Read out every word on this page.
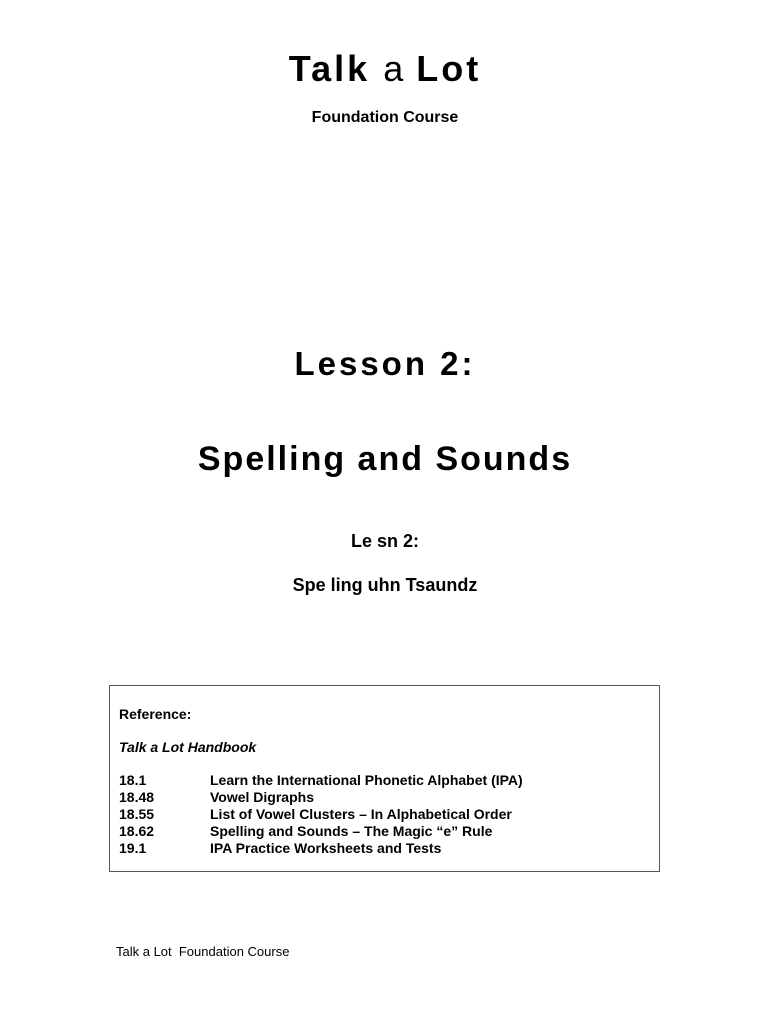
Talk a Lot
Foundation Course
Lesson 2:
Spelling and Sounds
Le sn 2:
Spe ling uhn Tsaundz
Reference:
Talk a Lot Handbook
18.1	Learn the International Phonetic Alphabet (IPA)
18.48	Vowel Digraphs
18.55	List of Vowel Clusters – In Alphabetical Order
18.62	Spelling and Sounds – The Magic “e” Rule
19.1	IPA Practice Worksheets and Tests
Talk a Lot  Foundation Course
